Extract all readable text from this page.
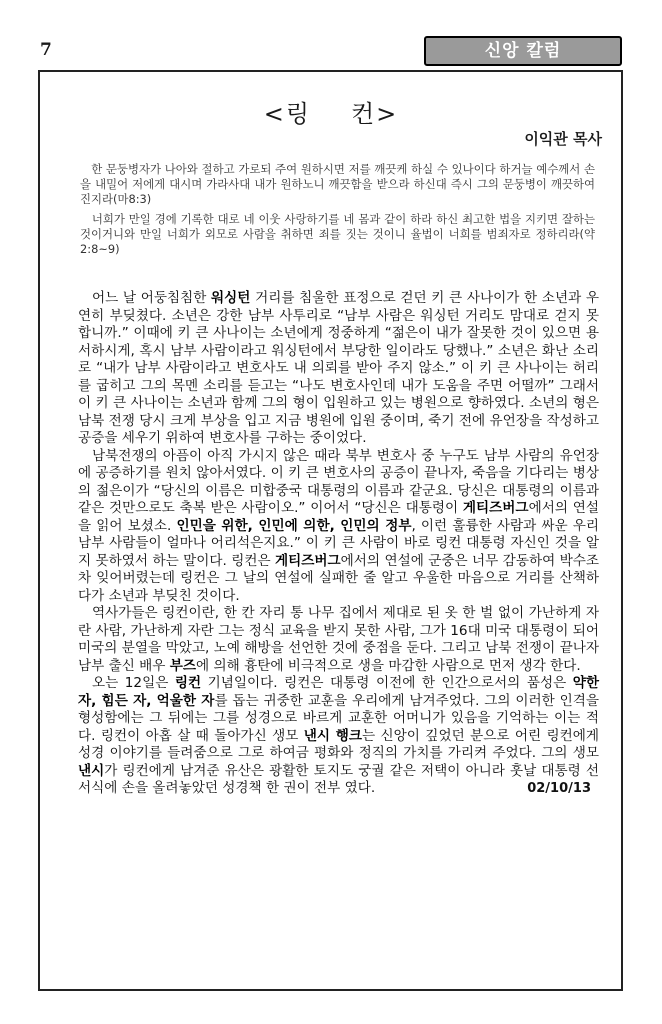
7	신앙 칼럼
<링 컨>
이익관 목사
한 문둥병자가 나아와 절하고 가로되 주여 원하시면 저를 깨끗케 하실 수 있나이다 하거늘 예수께서 손을 내밀어 저에게 대시며 가라사대 내가 원하노니 깨끗함을 받으라 하신대 즉시 그의 문둥병이 깨끗하여진지라(마8:3)
너희가 만일 경에 기록한 대로 네 이웃 사랑하기를 네 몸과 같이 하라 하신 최고한 법을 지키면 잘하는 것이거니와 만일 너희가 외모로 사람을 취하면 죄를 짓는 것이니 율법이 너희를 범죄자로 정하리라(약2:8~9)

어느 날 어둥침침한 워싱턴 거리를 침울한 표정으로 걷던 키 큰 사나이가 한 소년과 우연히 부딪쳤다. 소년은 강한 남부 사투리로 “남부 사람은 워싱턴 거리도 맘대로 걷지 못합니까.” 이때에 키 큰 사나이는 소년에게 정중하게 “젊은이 내가 잘못한 것이 있으면 용서하시게, 혹시 남부 사람이라고 워싱턴에서 부당한 일이라도 당했나.” 소년은 화난 소리로 “내가 남부 사람이라고 변호사도 내 의뢰를 받아 주지 않소.” 이 키 큰 사나이는 허리를 굽히고 그의 목멘 소리를 듣고는 “나도 변호사인데 내가 도움을 주면 어떨까” 그래서 이 키 큰 사나이는 소년과 함께 그의 형이 입원하고 있는 병원으로 향하였다. 소년의 형은 남북 전쟁 당시 크게 부상을 입고 지금 병원에 입원 중이며, 죽기 전에 유언장을 작성하고 공증을 세우기 위하여 변호사를 구하는 중이었다.

남북전쟁의 아픔이 아직 가시지 않은 때라 북부 변호사 중 누구도 남부 사람의 유언장에 공증하기를 원치 않아서였다. 이 키 큰 변호사의 공증이 끝나자, 죽음을 기다리는 병상의 젊은이가 “당신의 이름은 미합중국 대통령의 이름과 같군요. 당신은 대통령의 이름과 같은 것만으로도 축복 받은 사람이오.” 이어서 “당신은 대통령이 게티즈버그에서의 연설을 읽어 보셨소. 인민을 위한, 인민에 의한, 인민의 정부, 이런 훌륭한 사람과 싸운 우리 남부 사람들이 얼마나 어리석은지요.” 이 키 큰 사람이 바로 링컨 대통령 자신인 것을 알지 못하였서 하는 말이다. 링컨은 게티즈버그에서의 연설에 군중은 너무 감동하여 박수조차 잊어버렸는데 링컨은 그 날의 연설에 실패한 줄 알고 우울한 마음으로 거리를 산책하다가 소년과 부딪친 것이다.

역사가들은 링컨이란, 한 칸 자리 통 나무 집에서 제대로 된 옷 한 벌 없이 가난하게 자란 사람, 가난하게 자란 그는 정식 교육을 받지 못한 사람, 그가 16대 미국 대통령이 되어 미국의 분열을 막았고, 노예 해방을 선언한 것에 중점을 둔다. 그리고 남북 전쟁이 끝나자 남부 출신 배우 부즈에 의해 흉탄에 비극적으로 생을 마감한 사람으로 먼저 생각 한다.

오는 12일은 링컨 기념일이다. 링컨은 대통령 이전에 한 인간으로서의 품성은 약한 자, 힘든 자, 억울한 자를 돕는 귀중한 교훈을 우리에게 남겨주었다. 그의 이러한 인격을 형성함에는 그 뒤에는 그를 성경으로 바르게 교훈한 어머니가 있음을 기억하는 이는 적다. 링컨이 아홉 살 때 돌아가신 생모 낸시 행크는 신앙이 깊었던 분으로 어린 링컨에게 성경 이야기를 들려줌으로 그로 하여금 평화와 정직의 가치를 가리켜 주었다. 그의 생모 낸시가 링컨에게 남겨준 유산은 광활한 토지도 궁궐 같은 저택이 아니라 훗날 대통령 선서식에 손을 올려놓았던 성경책 한 권이 전부 였다.	02/10/13
